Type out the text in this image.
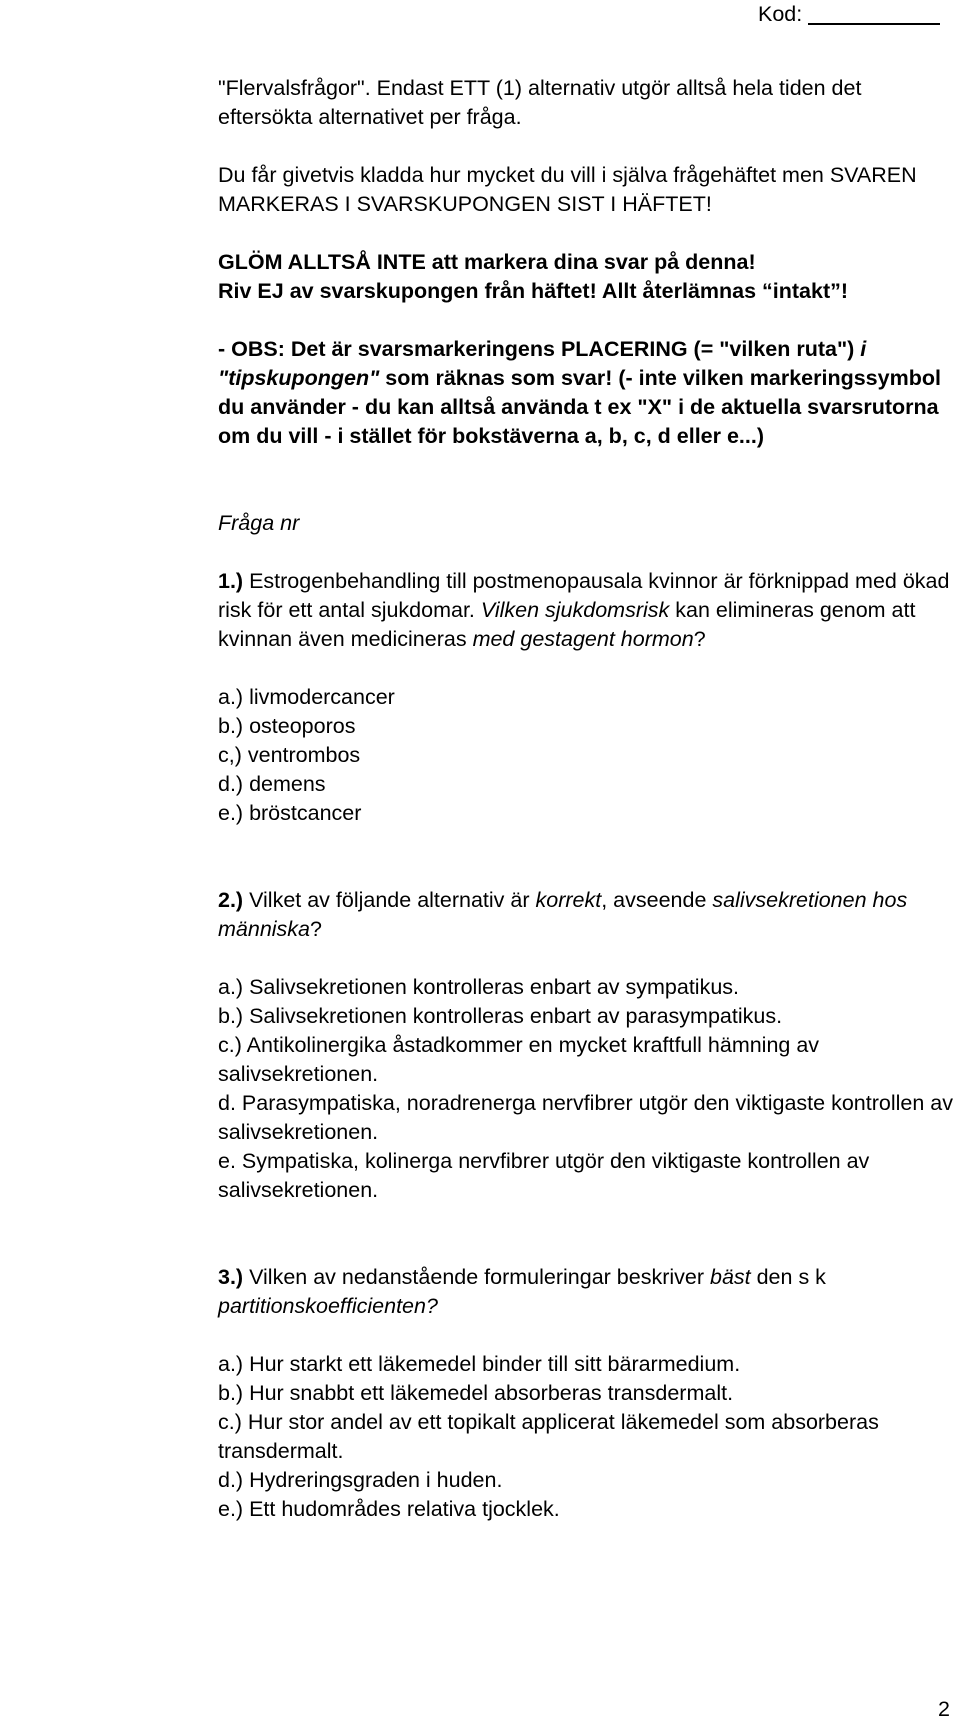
Kod:

"Flervalsfrågor". Endast ETT (1) alternativ utgör alltså hela tiden det eftersökta alternativet per fråga.

Du får givetvis kladda hur mycket du vill i själva frågehäftet men SVAREN MARKERAS I SVARSKUPONGEN SIST I HÄFTET!

GLÖM ALLTSÅ INTE att markera dina svar på denna!
Riv EJ av svarskupongen från häftet! Allt återlämnas “intakt”!

- OBS: Det är svarsmarkeringens PLACERING (= "vilken ruta") i "tipskupongen" som räknas som svar! (- inte vilken markeringssymbol du använder - du kan alltså använda t ex "X" i de aktuella svarsrutorna om du vill - i stället för bokstäverna a, b, c, d eller e...)

Fråga nr

1.) Estrogenbehandling till postmenopausala kvinnor är förknippad med ökad risk för ett antal sjukdomar. Vilken sjukdomsrisk kan elimineras genom att kvinnan även medicineras med gestagent hormon?

a.) livmodercancer
b.) osteoporos
c,) ventrombos
d.) demens
e.) bröstcancer

2.) Vilket av följande alternativ är korrekt, avseende salivsekretionen hos människa?

a.) Salivsekretionen kontrolleras enbart av sympatikus.
b.) Salivsekretionen kontrolleras enbart av parasympatikus.
c.) Antikolinergika åstadkommer en mycket kraftfull hämning av salivsekretionen.
d. Parasympatiska, noradrenerga nervfibrer utgör den viktigaste kontrollen av salivsekretionen.
e. Sympatiska, kolinerga nervfibrer utgör den viktigaste kontrollen av salivsekretionen.

3.) Vilken av nedanstående formuleringar beskriver bäst den s k partitionskoefficienten?

a.) Hur starkt ett läkemedel binder till sitt bärarmedium.
b.) Hur snabbt ett läkemedel absorberas transdermalt.
c.) Hur stor andel av ett topikalt applicerat läkemedel som absorberas transdermalt.
d.) Hydreringsgraden i huden.
e.) Ett hudområdes relativa tjocklek.
2
